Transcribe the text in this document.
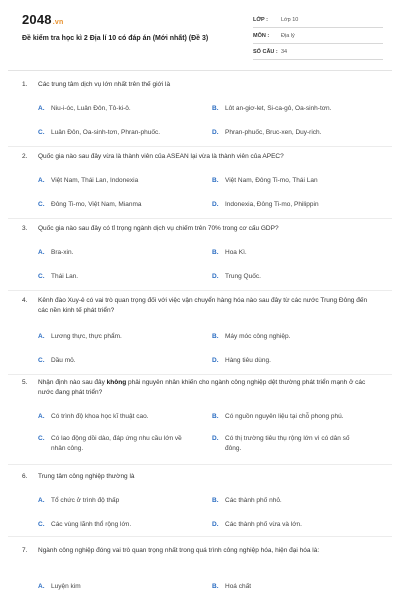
2048.vn
Đề kiểm tra học kì 2 Địa lí 10 có đáp án (Mới nhất) (Đề 3)
LỚP :	Lớp 10
MÔN :	Địa lý
SỐ CÂU : 34
1. Các trung tâm dịch vụ lớn nhất trên thế giới là
A.	Niu-i-óc, Luân Đôn, Tô-ki-ô.	B.	Lôt an-giơ-let, Si-ca-gô, Oa-sinh-tơn.
C.	Luân Đôn, Oa-sinh-tơn, Phran-phuốc.	D.	Phran-phuốc, Bruc-xen, Duy-rich.
2. Quốc gia nào sau đây vừa là thành viên của ASEAN lại vừa là thành viên của APEC?
A.	Việt Nam, Thái Lan, Indonexia	B.	Việt Nam, Đông Ti-mo, Thái Lan
C.	Đông Ti-mo, Việt Nam, Mianma	D.	Indonexia, Đông Ti-mo, Philippin
3. Quốc gia nào sau đây có tỉ trọng ngành dịch vụ chiếm trên 70% trong cơ cấu GDP?
A.	Bra-xin.	B.	Hoa Kì.
C.	Thái Lan.	D.	Trung Quốc.
4. Kênh đào Xuy-ê có vai trò quan trọng đối với việc vận chuyển hàng hóa nào sau đây từ các nước Trung Đông đến các nền kinh tế phát triển?
A.	Lương thực, thực phẩm.	B.	Máy móc công nghiệp.
C.	Dầu mỏ.	D.	Hàng tiêu dùng.
5. Nhận định nào sau đây không phải nguyên nhân khiến cho ngành công nghiệp dệt thường phát triển mạnh ở các nước đang phát triển?
A.	Có trình độ khoa học kĩ thuật cao.	B.	Có nguồn nguyên liệu tại chỗ phong phú.
C.	Có lao động dồi dào, đáp ứng nhu cầu lớn về nhân công.
D.	Có thị trường tiêu thụ rộng lớn vì có dân số đông.
6. Trung tâm công nghiệp thường là
A.	Tổ chức ở trình độ thấp	B.	Các thành phố nhỏ.
C.	Các vùng lãnh thổ rộng lớn.	D.	Các thành phố vừa và lớn.
7. Ngành công nghiệp đóng vai trò quan trọng nhất trong quá trình công nghiệp hóa, hiện đại hóa là:
A.	Luyện kim	B.	Hoá chất
